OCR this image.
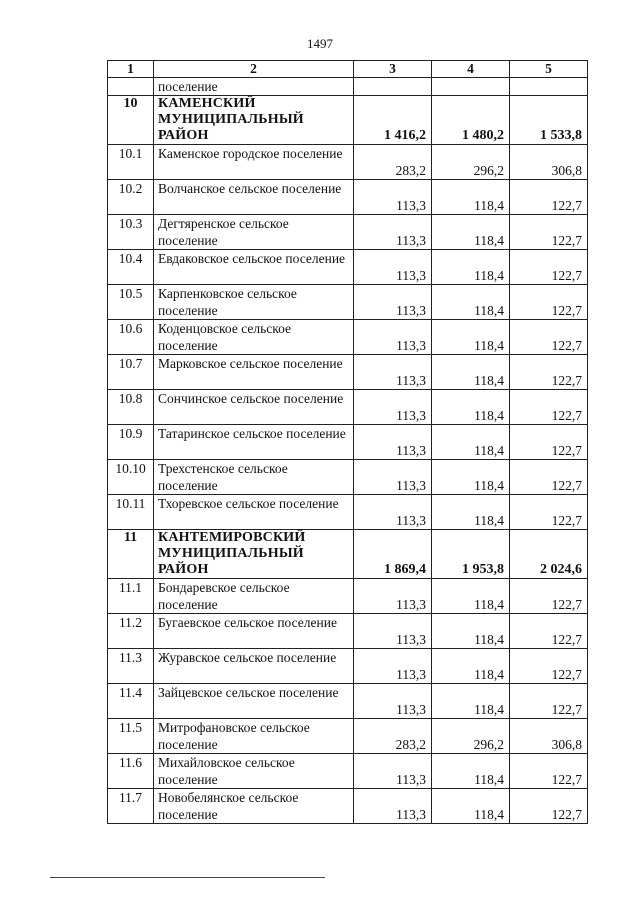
1497
1	2	3	4	5
	поселение			
10	КАМЕНСКИЙ МУНИЦИПАЛЬНЫЙ РАЙОН	1 416,2	1 480,2	1 533,8
10.1	Каменское городское поселение	283,2	296,2	306,8
10.2	Волчанское сельское поселение	113,3	118,4	122,7
10.3	Дегтяренское сельское поселение	113,3	118,4	122,7
10.4	Евдаковское сельское поселение	113,3	118,4	122,7
10.5	Карпенковское сельское поселение	113,3	118,4	122,7
10.6	Коденцовское сельское поселение	113,3	118,4	122,7
10.7	Марковское сельское поселение	113,3	118,4	122,7
10.8	Сончинское сельское поселение	113,3	118,4	122,7
10.9	Татаринское сельское поселение	113,3	118,4	122,7
10.10	Трехстенское сельское поселение	113,3	118,4	122,7
10.11	Тхоревское сельское поселение	113,3	118,4	122,7
11	КАНТЕМИРОВСКИЙ МУНИЦИПАЛЬНЫЙ РАЙОН	1 869,4	1 953,8	2 024,6
11.1	Бондаревское сельское поселение	113,3	118,4	122,7
11.2	Бугаевское сельское поселение	113,3	118,4	122,7
11.3	Журавское сельское поселение	113,3	118,4	122,7
11.4	Зайцевское сельское поселение	113,3	118,4	122,7
11.5	Митрофановское сельское поселение	283,2	296,2	306,8
11.6	Михайловское сельское поселение	113,3	118,4	122,7
11.7	Новобелянское сельское поселение	113,3	118,4	122,7
